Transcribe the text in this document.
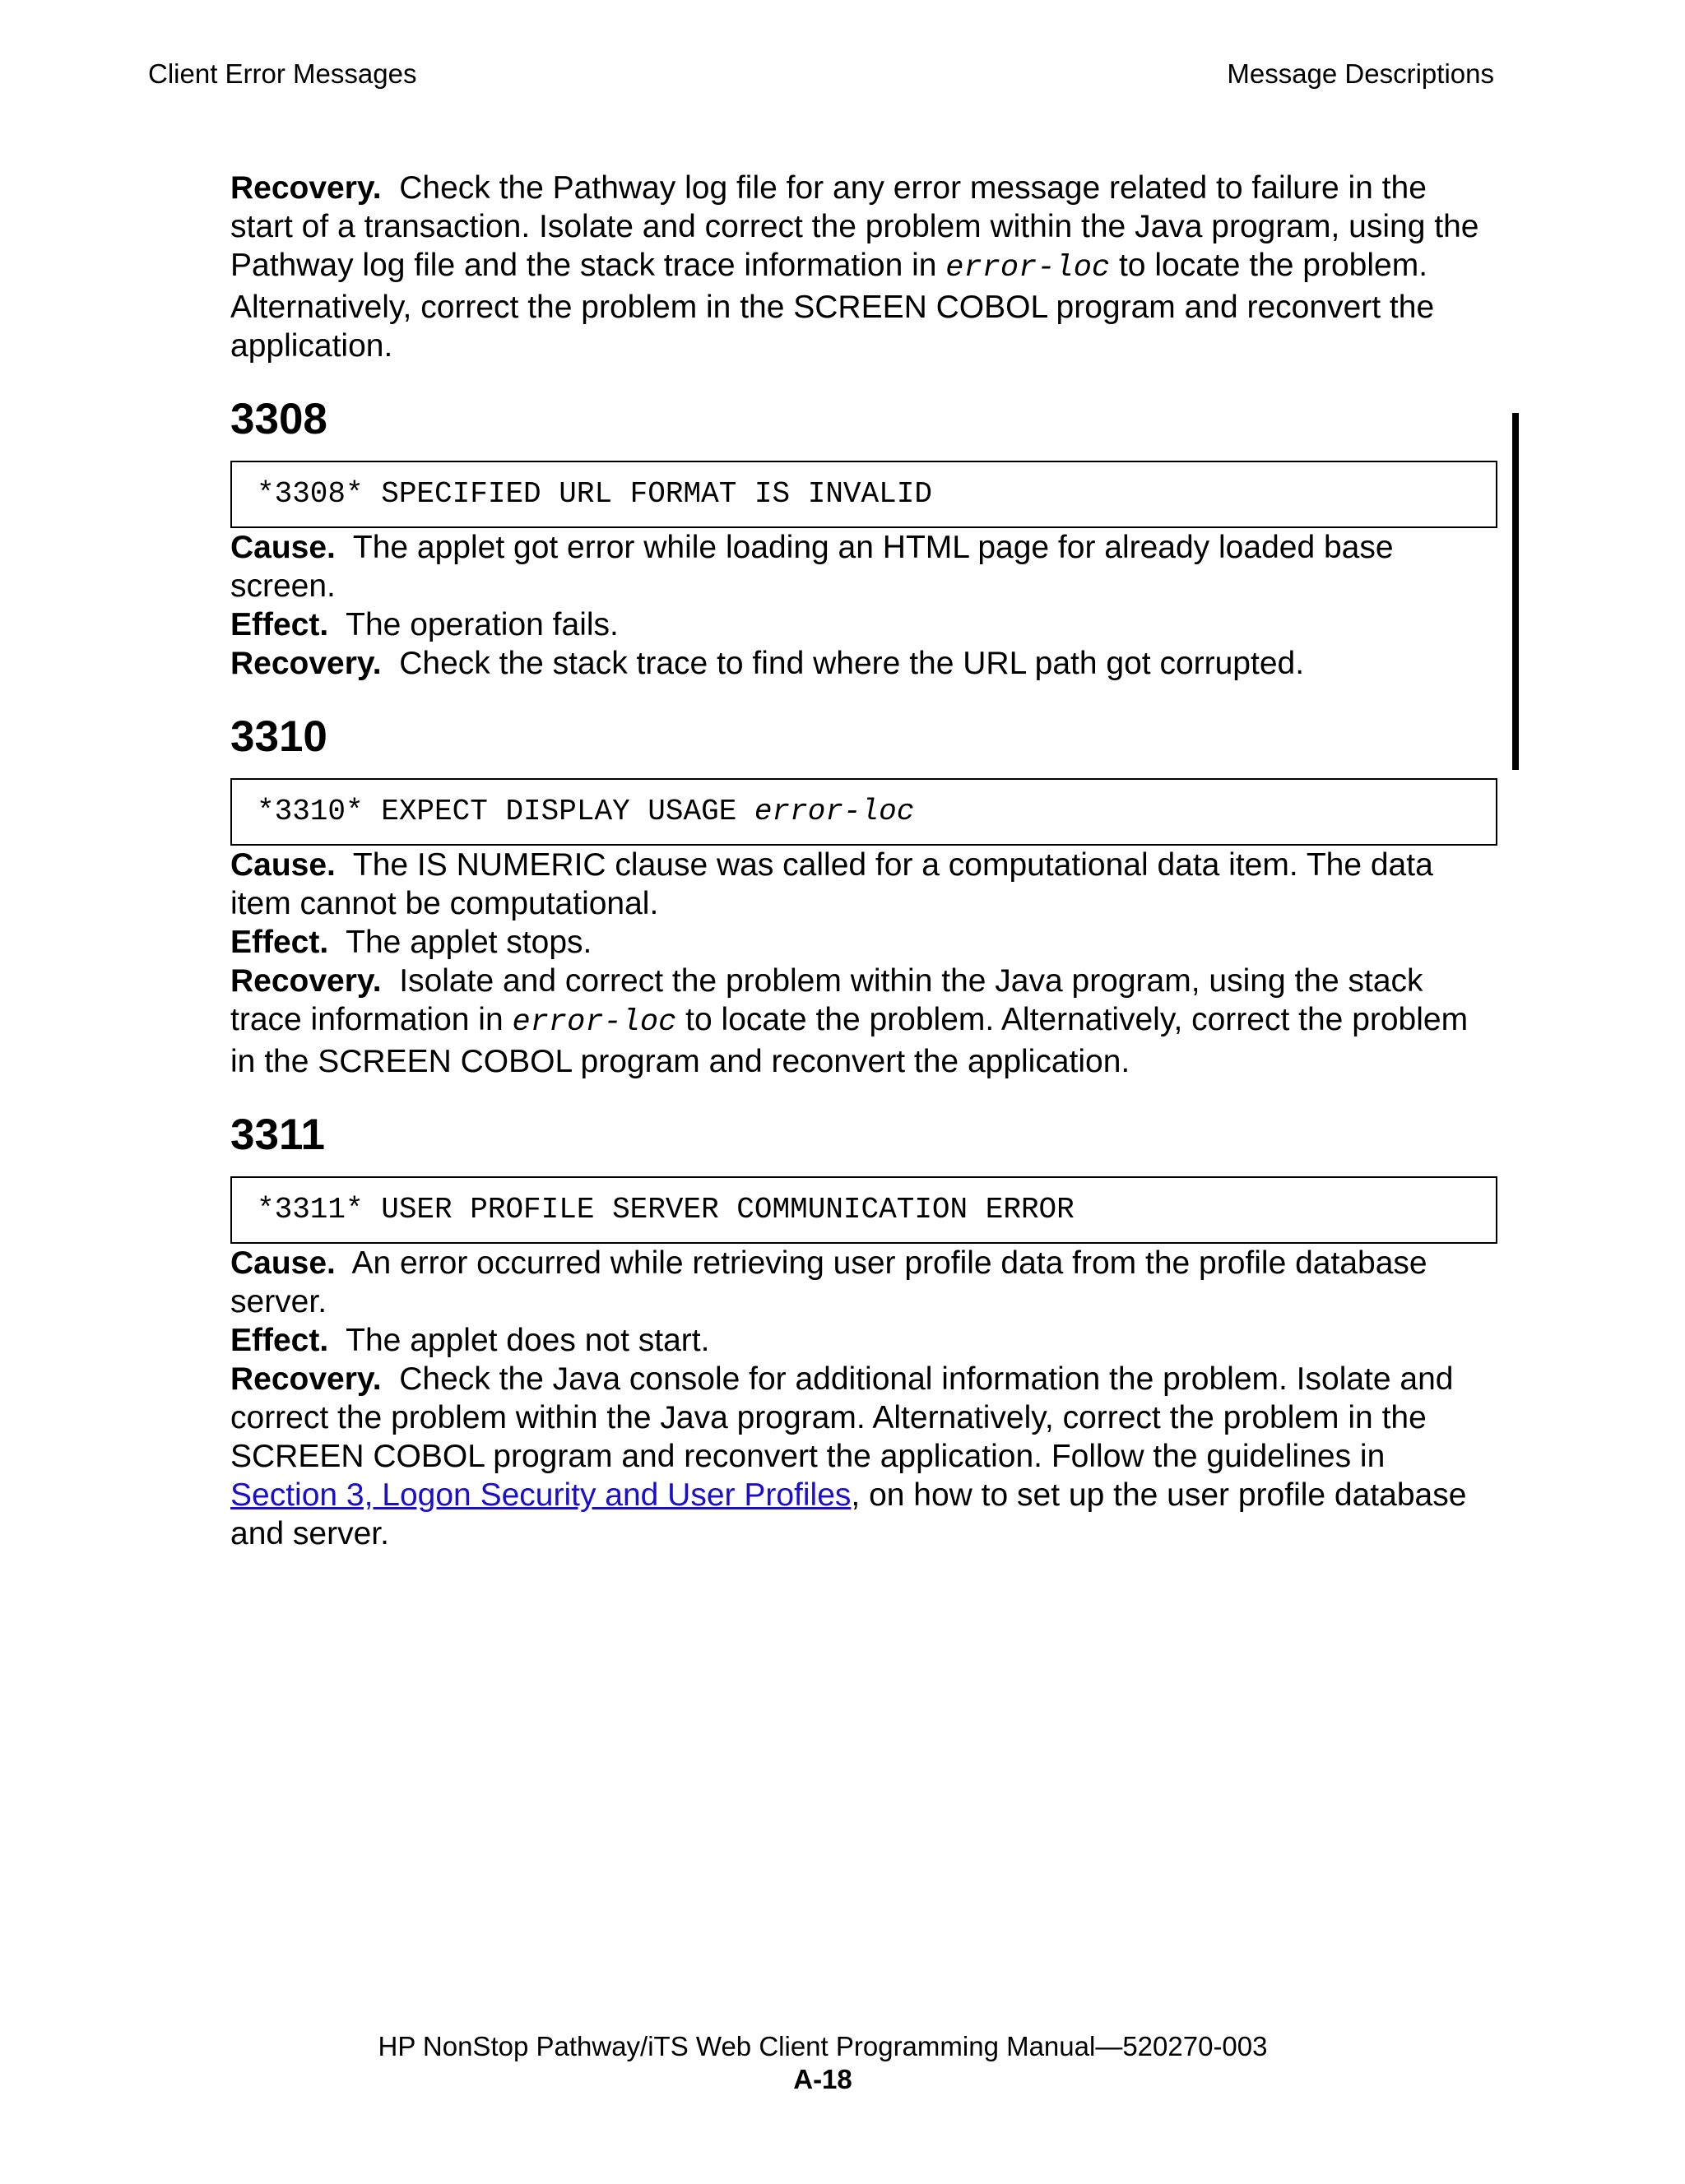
Client Error Messages	Message Descriptions

Recovery. Check the Pathway log file for any error message related to failure in the start of a transaction. Isolate and correct the problem within the Java program, using the Pathway log file and the stack trace information in error-loc to locate the problem. Alternatively, correct the problem in the SCREEN COBOL program and reconvert the application.

3308
*3308* SPECIFIED URL FORMAT IS INVALID

Cause. The applet got error while loading an HTML page for already loaded base screen.

Effect. The operation fails.

Recovery. Check the stack trace to find where the URL path got corrupted.

3310
*3310* EXPECT DISPLAY USAGE error-loc

Cause. The IS NUMERIC clause was called for a computational data item. The data item cannot be computational.

Effect. The applet stops.

Recovery. Isolate and correct the problem within the Java program, using the stack trace information in error-loc to locate the problem. Alternatively, correct the problem in the SCREEN COBOL program and reconvert the application.

3311
*3311* USER PROFILE SERVER COMMUNICATION ERROR

Cause. An error occurred while retrieving user profile data from the profile database server.

Effect. The applet does not start.

Recovery. Check the Java console for additional information the problem. Isolate and correct the problem within the Java program. Alternatively, correct the problem in the SCREEN COBOL program and reconvert the application. Follow the guidelines in Section 3, Logon Security and User Profiles, on how to set up the user profile database and server.

HP NonStop Pathway/iTS Web Client Programming Manual—520270-003
A-18
